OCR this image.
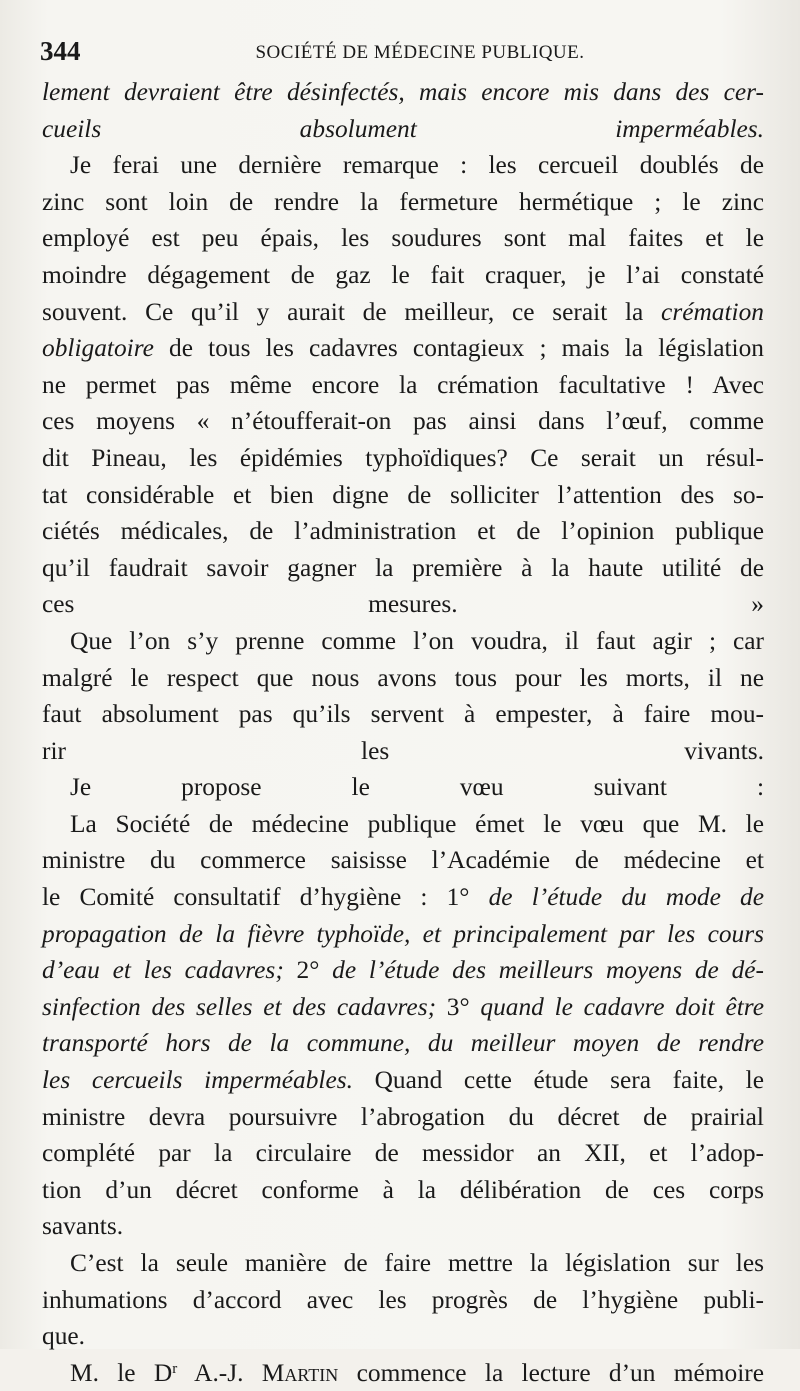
344	SOCIÉTÉ DE MÉDECINE PUBLIQUE.
lement devraient être désinfectés, mais encore mis dans des cer-
cueils absolument imperméables.
Je ferai une dernière remarque : les cercueil doublés de
zinc sont loin de rendre la fermeture hermétique ; le zinc
employé est peu épais, les soudures sont mal faites et le
moindre dégagement de gaz le fait craquer, je l’ai constaté
souvent. Ce qu’il y aurait de meilleur, ce serait la crémation
obligatoire de tous les cadavres contagieux ; mais la législation
ne permet pas même encore la crémation facultative ! Avec
ces moyens « n’étoufferait-on pas ainsi dans l’œuf, comme
dit Pineau, les épidémies typhoïdiques? Ce serait un résul-
tat considérable et bien digne de solliciter l’attention des so-
ciétés médicales, de l’administration et de l’opinion publique
qu’il faudrait savoir gagner la première à la haute utilité de
ces mesures. »
Que l’on s’y prenne comme l’on voudra, il faut agir ; car
malgré le respect que nous avons tous pour les morts, il ne
faut absolument pas qu’ils servent à empester, à faire mou-
rir les vivants.
Je propose le vœu suivant :
La Société de médecine publique émet le vœu que M. le
ministre du commerce saisisse l’Académie de médecine et
le Comité consultatif d’hygiène : 1° de l’étude du mode de
propagation de la fièvre typhoïde, et principalement par les cours
d’eau et les cadavres; 2° de l’étude des meilleurs moyens de dé-
sinfection des selles et des cadavres; 3° quand le cadavre doit être
transporté hors de la commune, du meilleur moyen de rendre
les cercueils imperméables. Quand cette étude sera faite, le
ministre devra poursuivre l’abrogation du décret de prairial
complété par la circulaire de messidor an XII, et l’adop-
tion d’un décret conforme à la délibération de ces corps
savants.
C’est la seule manière de faire mettre la législation sur les
inhumations d’accord avec les progrès de l’hygiène publi-
que.
M. le $D^r$ A.-J. Martin commence la lecture d’un mémoire
